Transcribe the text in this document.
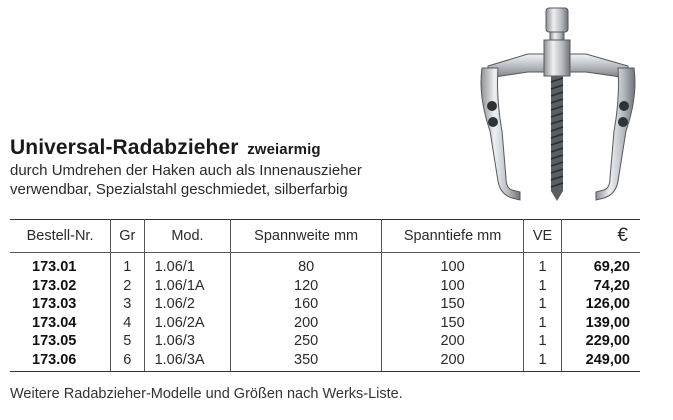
Universal-Radabzieher zweiarmig
durch Umdrehen der Haken auch als Innenauszieher
verwendbar, Spezialstahl geschmiedet, silberfarbig
Bestell-Nr.	Gr	Mod.	Spannweite mm	Spanntiefe mm	VE	€
173.01	1	1.06/1	80	100	1	69,20
173.02	2	1.06/1A	120	100	1	74,20
173.03	3	1.06/2	160	150	1	126,00
173.04	4	1.06/2A	200	150	1	139,00
173.05	5	1.06/3	250	200	1	229,00
173.06	6	1.06/3A	350	200	1	249,00
Weitere Radabzieher-Modelle und Größen nach Werks-Liste.
